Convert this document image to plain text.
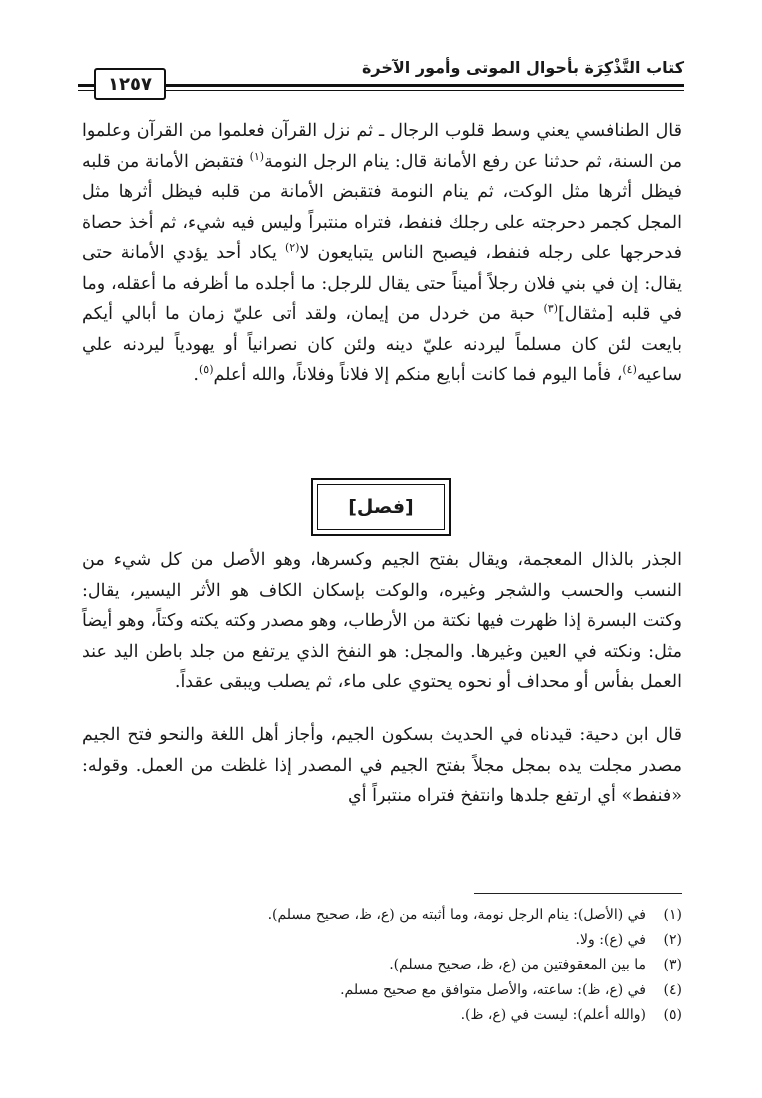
كتاب التَّذْكِرَة بأحوال الموتى وأمور الآخرة
١٢٥٧
قال الطنافسي يعني وسط قلوب الرجال ـ ثم نزل القرآن فعلموا من القرآن وعلموا من السنة، ثم حدثنا عن رفع الأمانة قال: ينام الرجل النومة$^{(١)}$ فتقبض الأمانة من قلبه فيظل أثرها مثل الوكت، ثم ينام النومة فتقبض الأمانة من قلبه فيظل أثرها مثل المجل كجمر دحرجته على رجلك فنفط، فتراه منتبراً وليس فيه شيء، ثم أخذ حصاة فدحرجها على رجله فنفط، فيصبح الناس يتبايعون لا$^{(٢)}$ يكاد أحد يؤدي الأمانة حتى يقال: إن في بني فلان رجلاً أميناً حتى يقال للرجل: ما أجلده ما أظرفه ما أعقله، وما في قلبه [مثقال]$^{(٣)}$ حبة من خردل من إيمان، ولقد أتى عليّ زمان ما أبالي أيكم بايعت لئن كان مسلماً ليردنه عليّ دينه ولئن كان نصرانياً أو يهودياً ليردنه علي ساعيه$^{(٤)}$، فأما اليوم فما كانت أبايع منكم إلا فلاناً وفلاناً، والله أعلم$^{(٥)}$.
[فصل]
الجذر بالذال المعجمة، ويقال بفتح الجيم وكسرها، وهو الأصل من كل شيء من النسب والحسب والشجر وغيره، والوكت بإسكان الكاف هو الأثر اليسير، يقال: وكتت البسرة إذا ظهرت فيها نكتة من الأرطاب، وهو مصدر وكته يكته وكتاً، وهو أيضاً مثل: ونكته في العين وغيرها. والمجل: هو النفخ الذي يرتفع من جلد باطن اليد عند العمل بفأس أو محداف أو نحوه يحتوي على ماء، ثم يصلب ويبقى عقداً.
قال ابن دحية: قيدناه في الحديث بسكون الجيم، وأجاز أهل اللغة والنحو فتح الجيم مصدر مجلت يده بمجل مجلاً بفتح الجيم في المصدر إذا غلظت من العمل. وقوله: «فنفط» أي ارتفع جلدها وانتفخ فتراه منتبراً أي
(١)
في (الأصل): ينام الرجل نومة، وما أثبته من (ع، ظ، صحيح مسلم).
(٢)
في (ع): ولا.
(٣)
ما بين المعقوفتين من (ع، ظ، صحيح مسلم).
(٤)
في (ع، ظ): ساعته، والأصل متوافق مع صحيح مسلم.
(٥)
(والله أعلم): ليست في (ع، ظ).
